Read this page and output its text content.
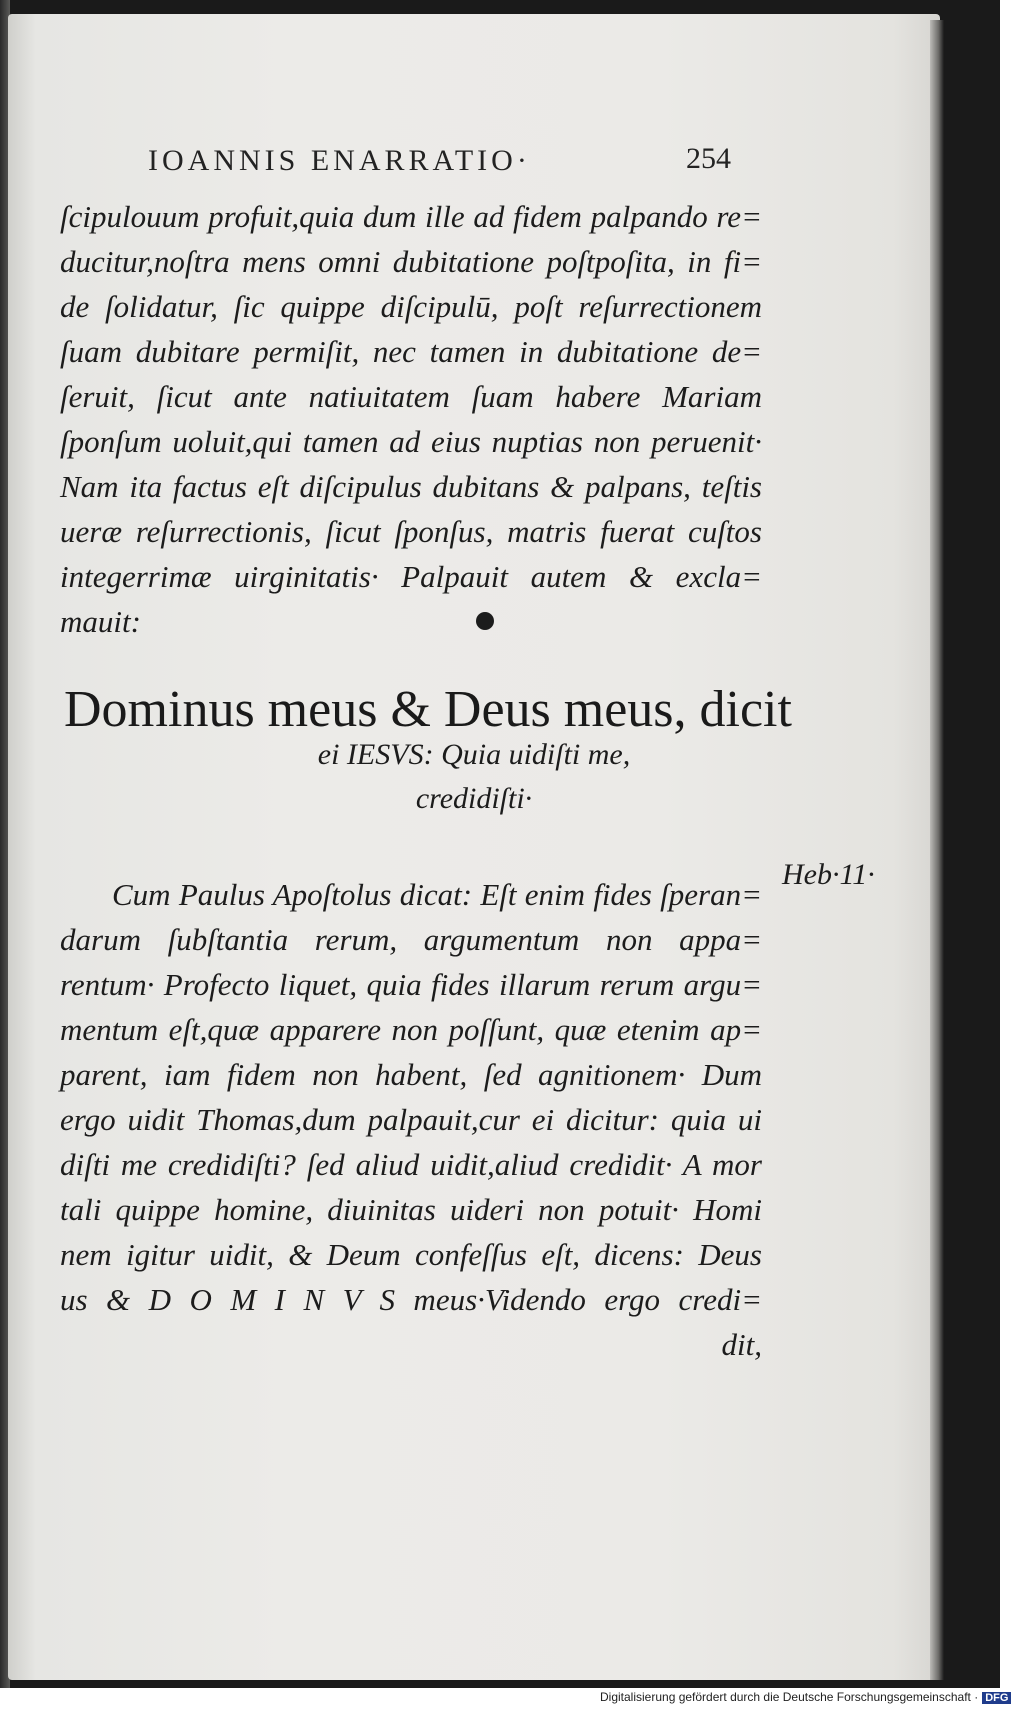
IOANNIS ENARRATIO·	254
ſcipulouum profuit,quia dum ille ad fidem palpando re=
ducitur,noſtra mens omni dubitatione poſtpoſita, in fi=
de ſolidatur, ſic quippe diſcipulū, poſt reſurrectionem
ſuam dubitare permiſit, nec tamen in dubitatione de=
ſeruit, ſicut ante natiuitatem ſuam habere Mariam
ſponſum uoluit,qui tamen ad eius nuptias non peruenit·
Nam ita factus eſt diſcipulus dubitans & palpans, teſtis
ueræ reſurrectionis, ſicut ſponſus, matris fuerat cuſtos
integerrimæ uirginitatis· Palpauit autem & excla=
mauit:
Dominus meus & Deus meus, dicit
ei IESVS: Quia uidiſti me,
credidiſti·
Heb·11·
Cum Paulus Apoſtolus dicat: Eſt enim fides ſperan=
darum ſubſtantia rerum, argumentum non appa=
rentum· Profecto liquet, quia fides illarum rerum argu=
mentum eſt,quæ apparere non poſſunt, quæ etenim ap=
parent, iam fidem non habent, ſed agnitionem· Dum
ergo uidit Thomas,dum palpauit,cur ei dicitur: quia ui
diſti me credidiſti? ſed aliud uidit,aliud credidit· A mor
tali quippe homine, diuinitas uideri non potuit· Homi
nem igitur uidit, & Deum confeſſus eſt, dicens: Deus
us & D O M I N V S meus·Videndo ergo credi=
dit,
Digitalisierung gefördert durch die Deutsche Forschungsgemeinschaft · DFG
